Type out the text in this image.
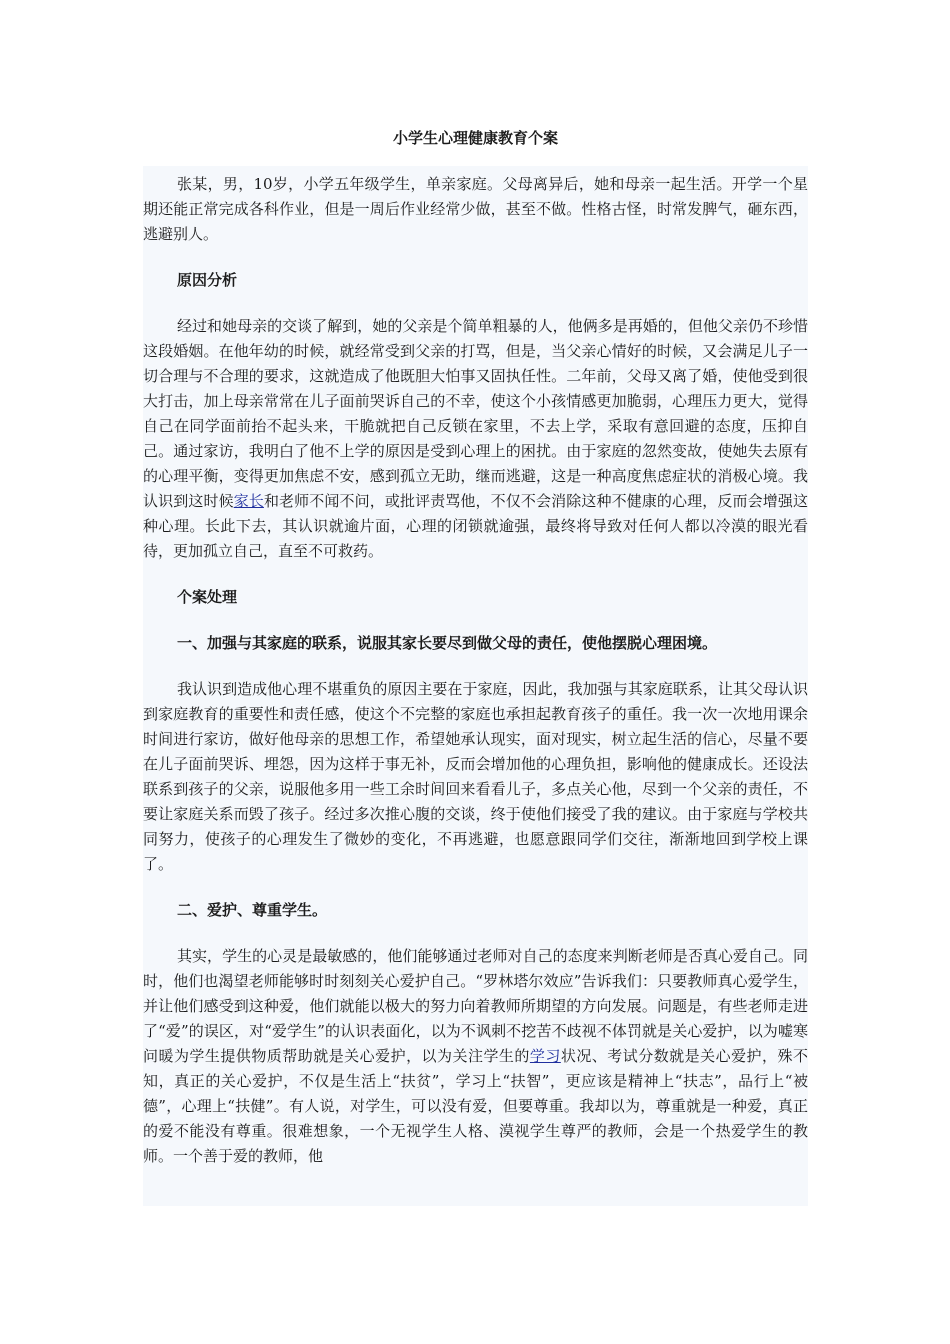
小学生心理健康教育个案

张某，男，10岁，小学五年级学生，单亲家庭。父母离异后，她和母亲一起生活。开学一个星期还能正常完成各科作业，但是一周后作业经常少做，甚至不做。性格古怪，时常发脾气，砸东西，逃避别人。

原因分析

经过和她母亲的交谈了解到，她的父亲是个简单粗暴的人，他俩多是再婚的，但他父亲仍不珍惜这段婚姻。在他年幼的时候，就经常受到父亲的打骂，但是，当父亲心情好的时候，又会满足儿子一切合理与不合理的要求，这就造成了他既胆大怕事又固执任性。二年前，父母又离了婚，使他受到很大打击，加上母亲常常在儿子面前哭诉自己的不幸，使这个小孩情感更加脆弱，心理压力更大，觉得自己在同学面前抬不起头来，干脆就把自己反锁在家里，不去上学，采取有意回避的态度，压抑自己。通过家访，我明白了他不上学的原因是受到心理上的困扰。由于家庭的忽然变故，使她失去原有的心理平衡，变得更加焦虑不安，感到孤立无助，继而逃避，这是一种高度焦虑症状的消极心境。我认识到这时候家长和老师不闻不问，或批评责骂他，不仅不会消除这种不健康的心理，反而会增强这种心理。长此下去，其认识就逾片面，心理的闭锁就逾强，最终将导致对任何人都以冷漠的眼光看待，更加孤立自己，直至不可救药。

个案处理

一、加强与其家庭的联系，说服其家长要尽到做父母的责任，使他摆脱心理困境。

我认识到造成他心理不堪重负的原因主要在于家庭，因此，我加强与其家庭联系，让其父母认识到家庭教育的重要性和责任感，使这个不完整的家庭也承担起教育孩子的重任。我一次一次地用课余时间进行家访，做好他母亲的思想工作，希望她承认现实，面对现实，树立起生活的信心，尽量不要在儿子面前哭诉、埋怨，因为这样于事无补，反而会增加他的心理负担，影响他的健康成长。还设法联系到孩子的父亲，说服他多用一些工余时间回来看看儿子，多点关心他，尽到一个父亲的责任，不要让家庭关系而毁了孩子。经过多次推心腹的交谈，终于使他们接受了我的建议。由于家庭与学校共同努力，使孩子的心理发生了微妙的变化，不再逃避，也愿意跟同学们交往，渐渐地回到学校上课了。

二、爱护、尊重学生。

其实，学生的心灵是最敏感的，他们能够通过老师对自己的态度来判断老师是否真心爱自己。同时，他们也渴望老师能够时时刻刻关心爱护自己。“罗林塔尔效应”告诉我们：只要教师真心爱学生，并让他们感受到这种爱，他们就能以极大的努力向着教师所期望的方向发展。问题是，有些老师走进了“爱”的误区，对“爱学生”的认识表面化，以为不讽刺不挖苦不歧视不体罚就是关心爱护，以为嘘寒问暖为学生提供物质帮助就是关心爱护，以为关注学生的学习状况、考试分数就是关心爱护，殊不知，真正的关心爱护，不仅是生活上“扶贫”，学习上“扶智”，更应该是精神上“扶志”，品行上“被德”，心理上“扶健”。有人说，对学生，可以没有爱，但要尊重。我却以为，尊重就是一种爱，真正的爱不能没有尊重。很难想象，一个无视学生人格、漠视学生尊严的教师，会是一个热爱学生的教师。一个善于爱的教师，他
